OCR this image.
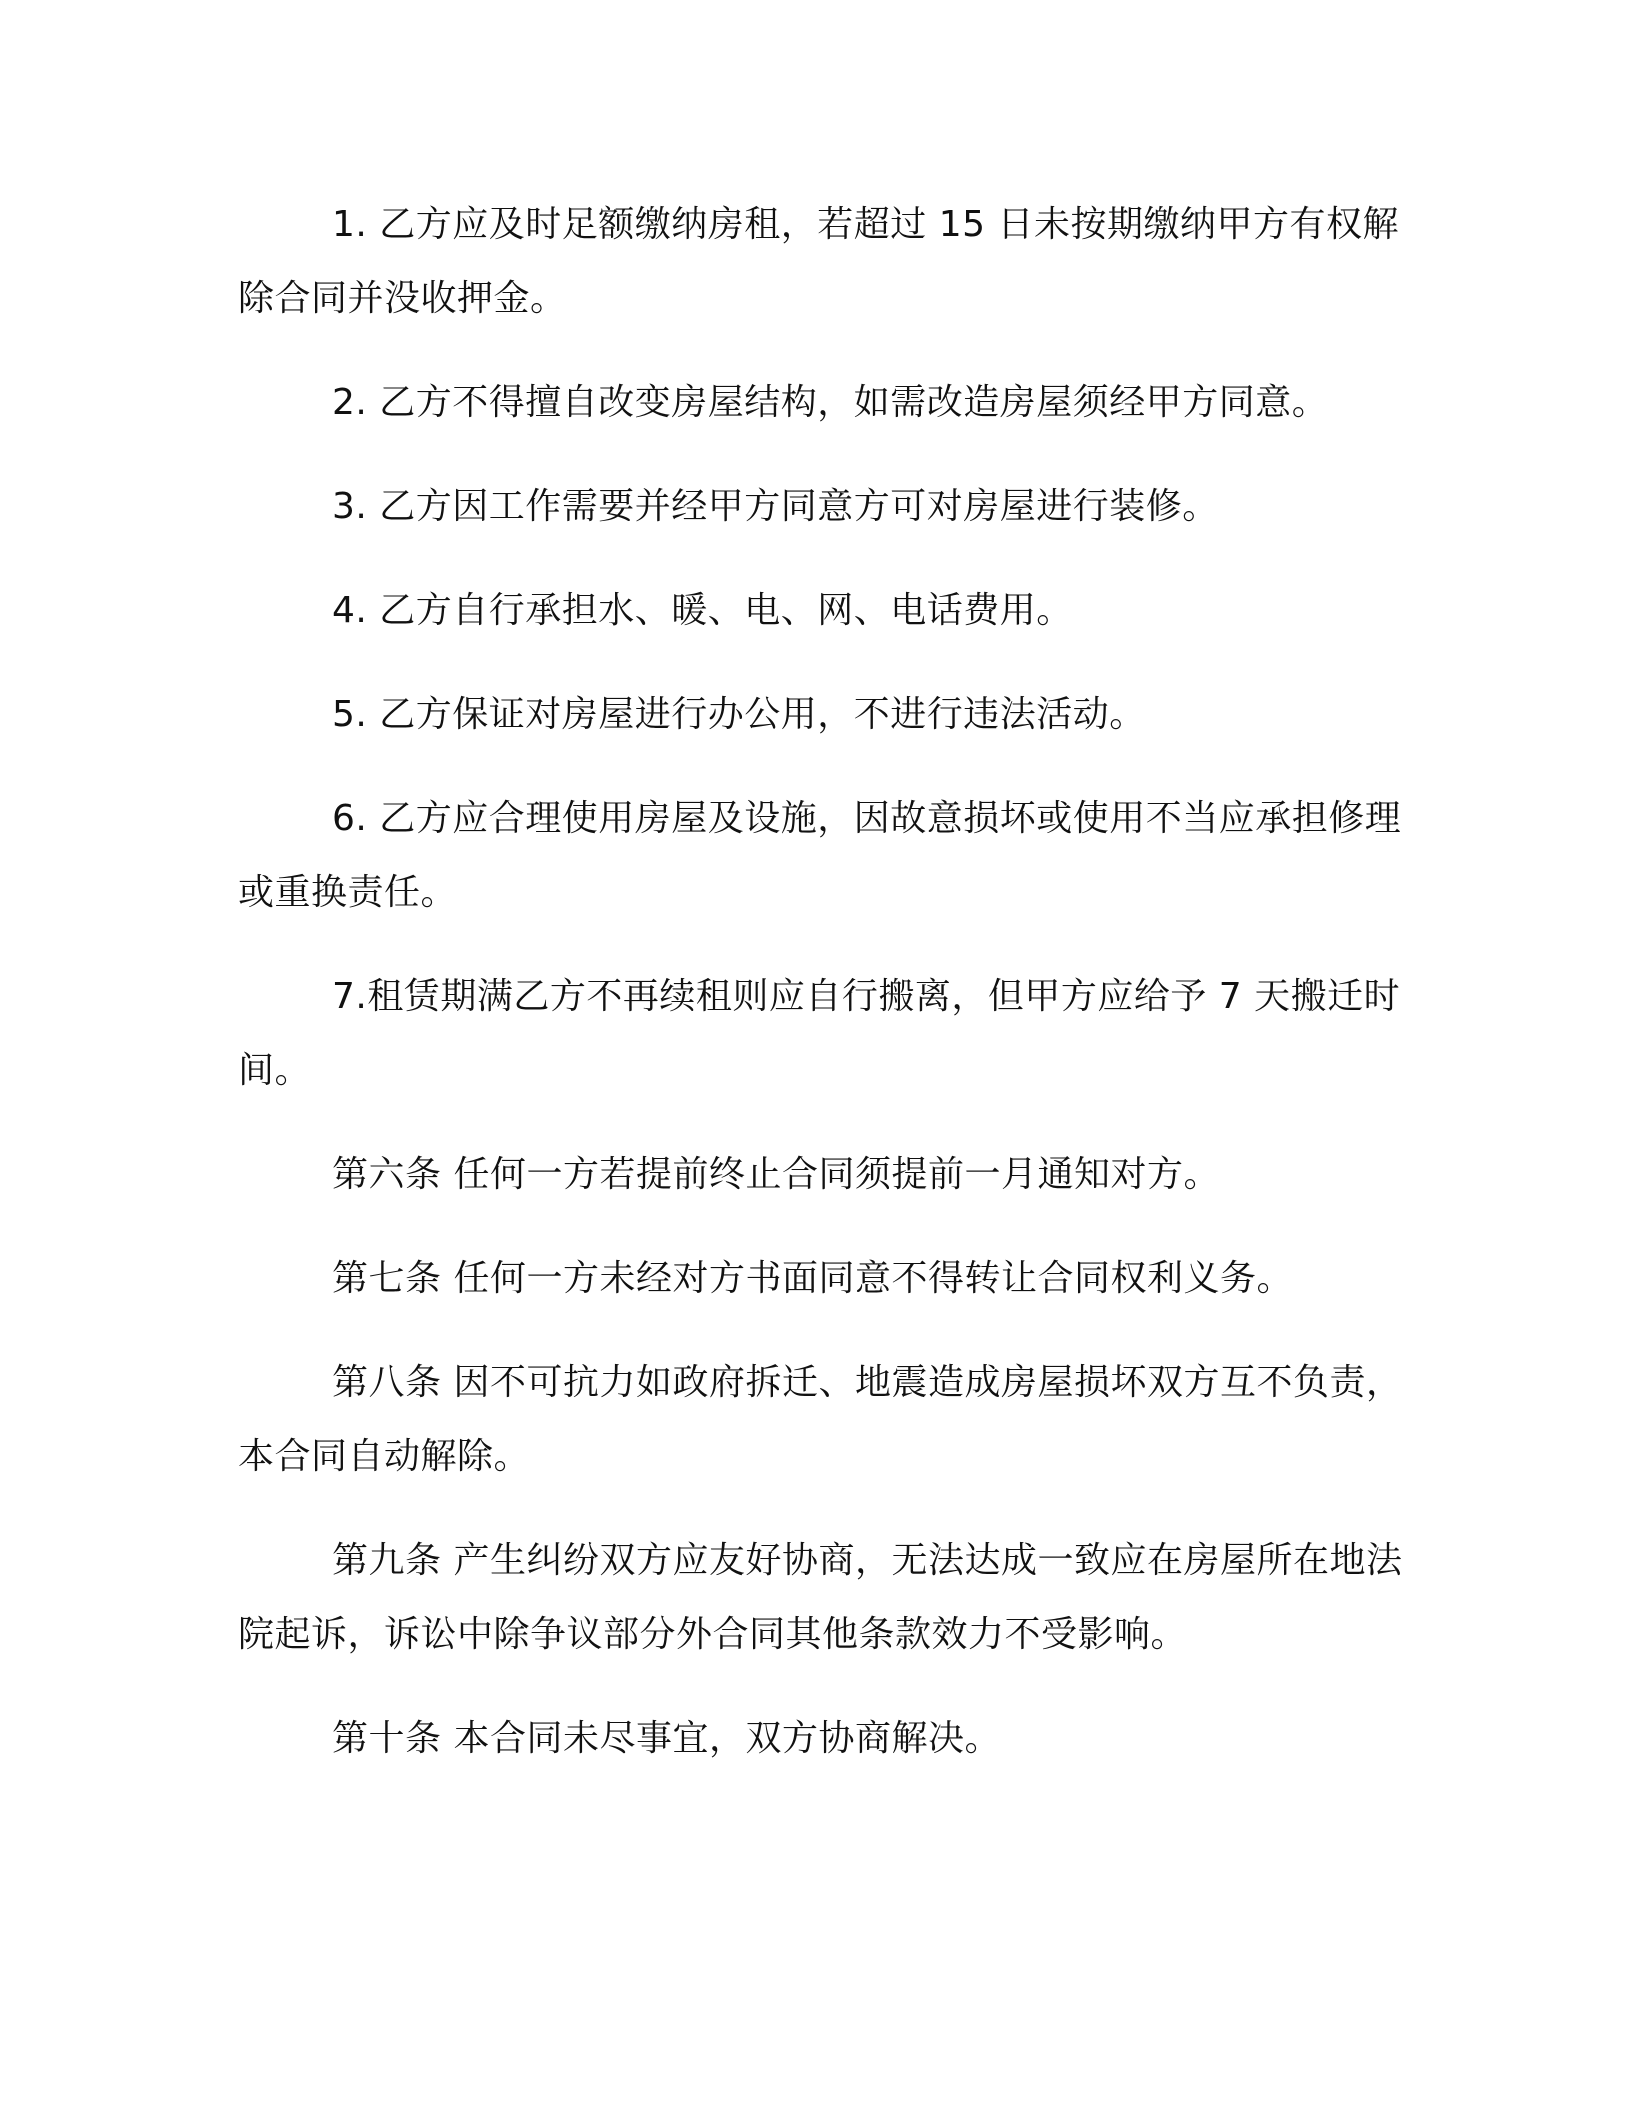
1. 乙方应及时足额缴纳房租，若超过 15 日未按期缴纳甲方有权解除合同并没收押金。

2. 乙方不得擅自改变房屋结构，如需改造房屋须经甲方同意。

3. 乙方因工作需要并经甲方同意方可对房屋进行装修。

4. 乙方自行承担水、暖、电、网、电话费用。

5. 乙方保证对房屋进行办公用，不进行违法活动。

6. 乙方应合理使用房屋及设施，因故意损坏或使用不当应承担修理或重换责任。

7.租赁期满乙方不再续租则应自行搬离，但甲方应给予 7 天搬迁时间。

第六条 任何一方若提前终止合同须提前一月通知对方。

第七条 任何一方未经对方书面同意不得转让合同权利义务。

第八条 因不可抗力如政府拆迁、地震造成房屋损坏双方互不负责，本合同自动解除。

第九条 产生纠纷双方应友好协商，无法达成一致应在房屋所在地法院起诉，诉讼中除争议部分外合同其他条款效力不受影响。

第十条 本合同未尽事宜，双方协商解决。
